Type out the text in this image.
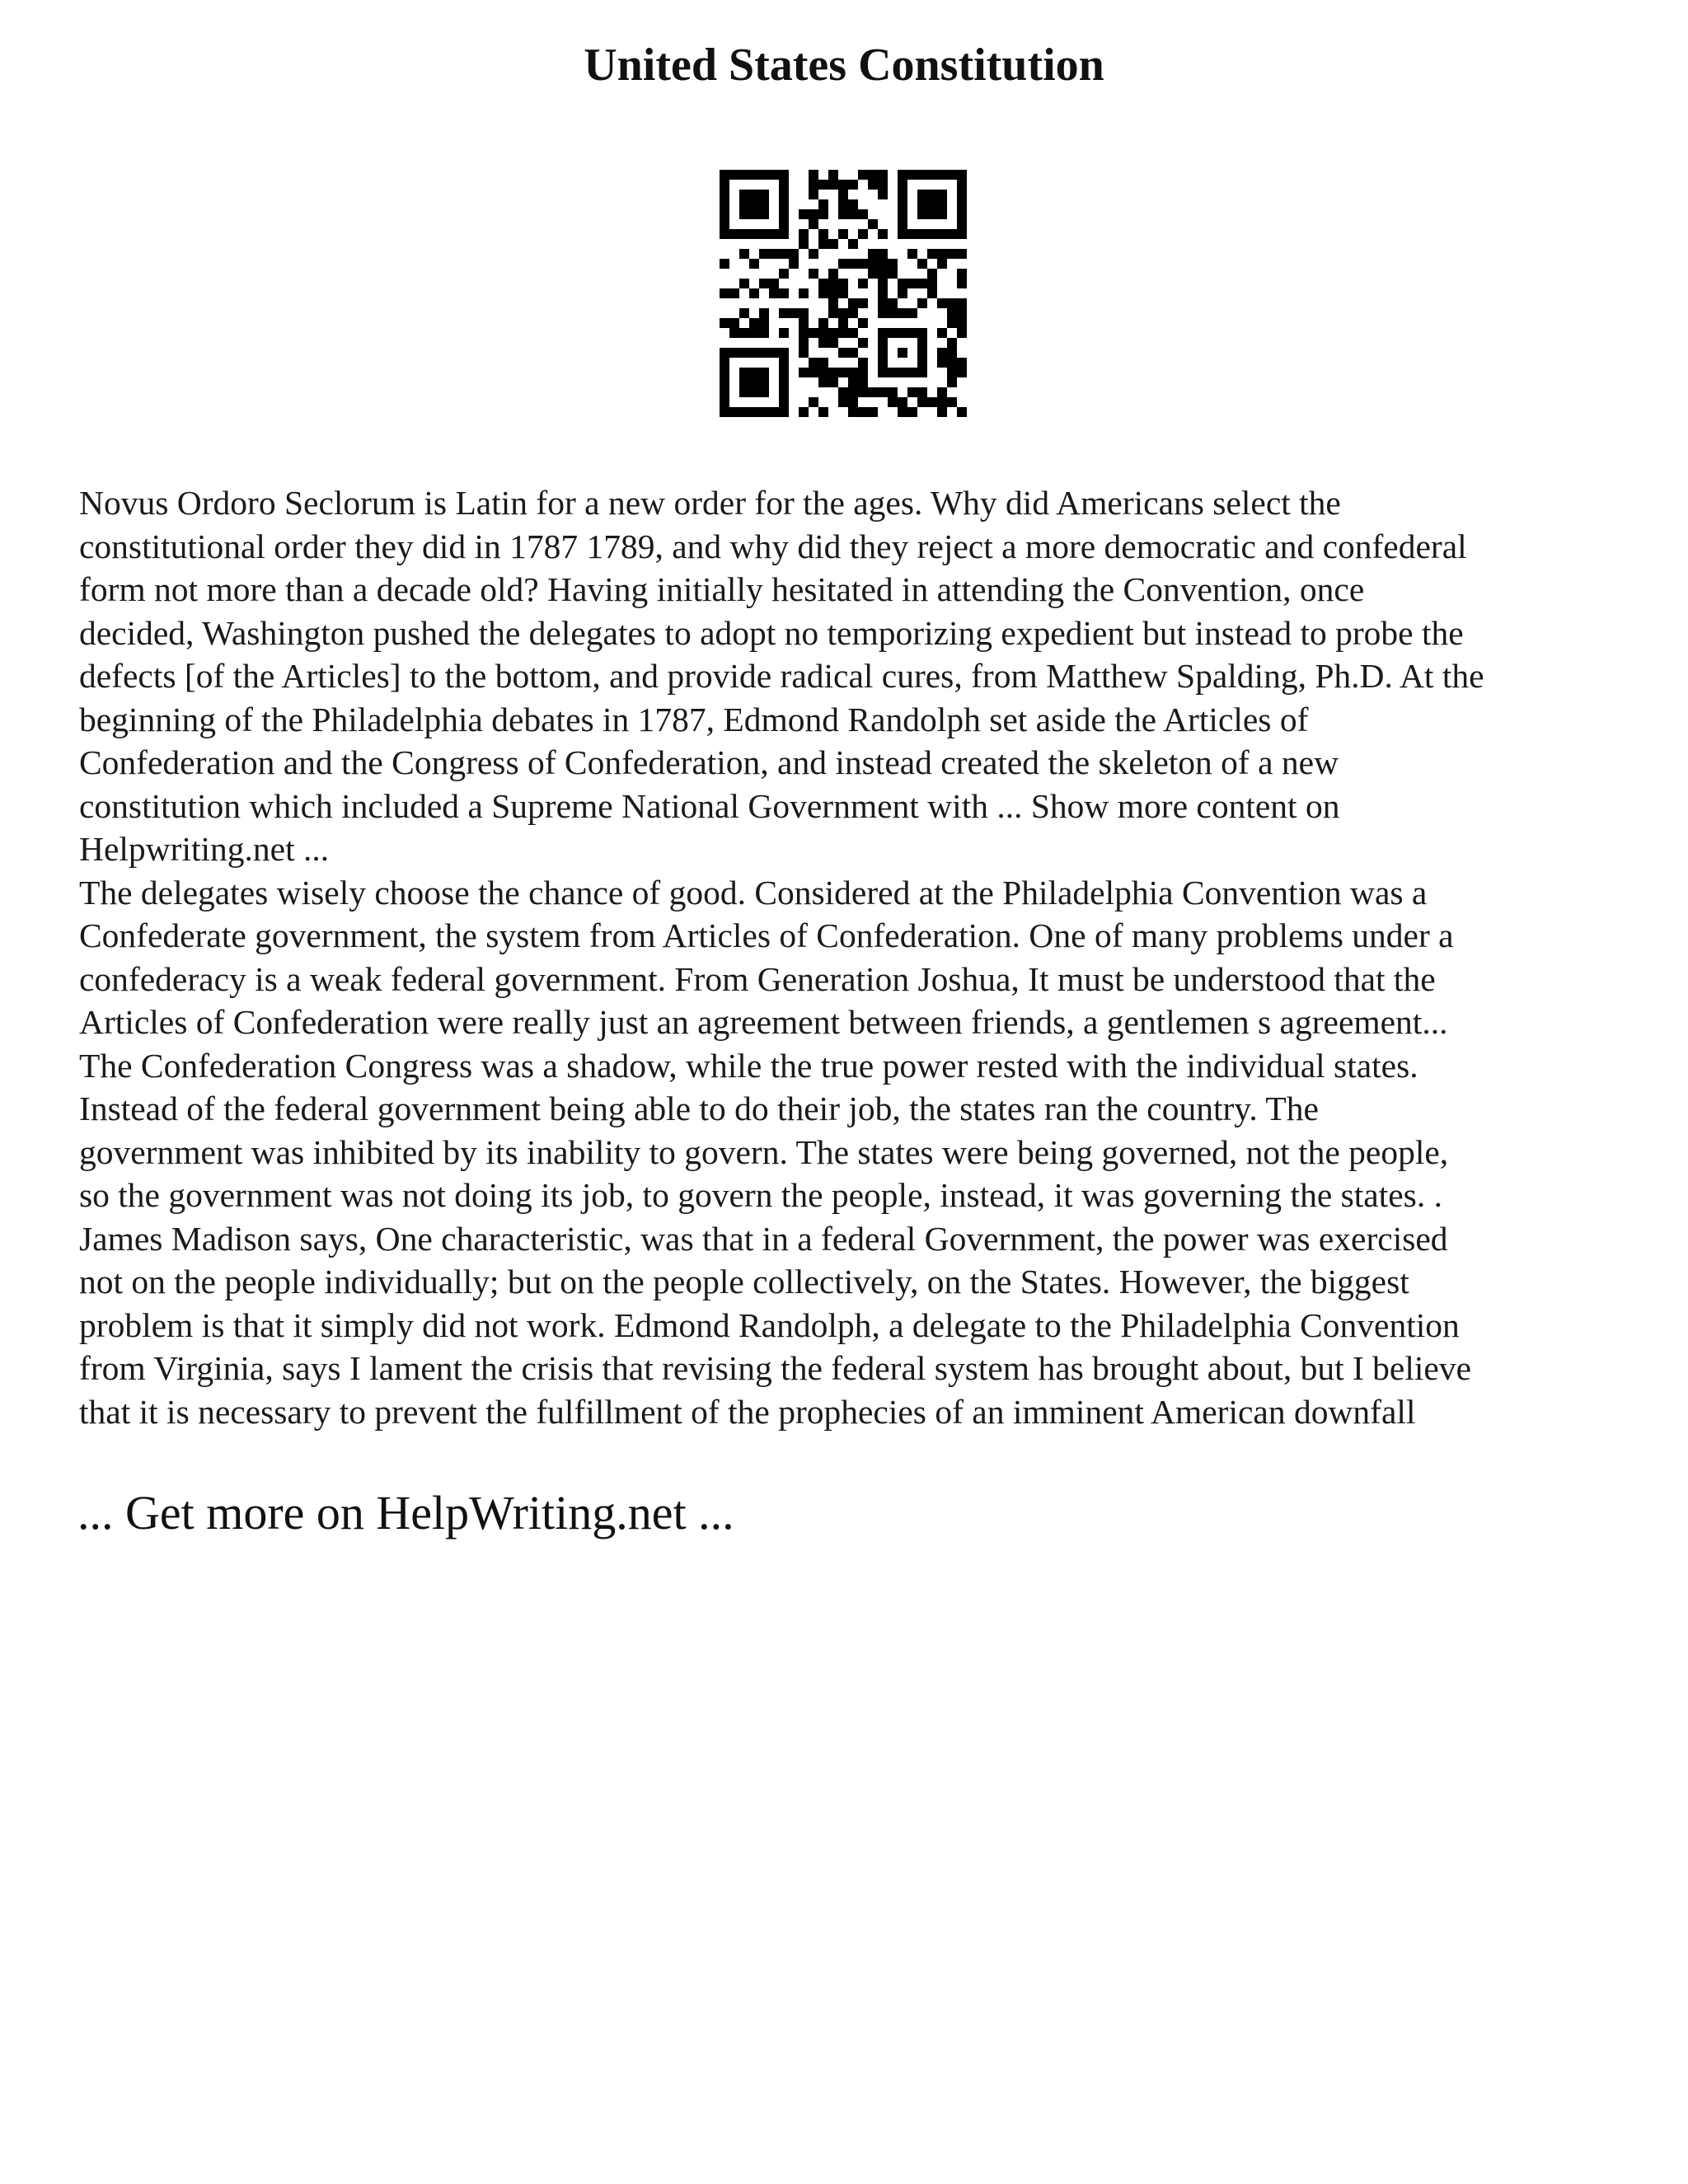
United States Constitution

Novus Ordoro Seclorum is Latin for a new order for the ages. Why did Americans select the
constitutional order they did in 1787 1789, and why did they reject a more democratic and confederal
form not more than a decade old? Having initially hesitated in attending the Convention, once
decided, Washington pushed the delegates to adopt no temporizing expedient but instead to probe the
defects [of the Articles] to the bottom, and provide radical cures, from Matthew Spalding, Ph.D. At the
beginning of the Philadelphia debates in 1787, Edmond Randolph set aside the Articles of
Confederation and the Congress of Confederation, and instead created the skeleton of a new
constitution which included a Supreme National Government with ... Show more content on
Helpwriting.net ...

The delegates wisely choose the chance of good. Considered at the Philadelphia Convention was a
Confederate government, the system from Articles of Confederation. One of many problems under a
confederacy is a weak federal government. From Generation Joshua, It must be understood that the
Articles of Confederation were really just an agreement between friends, a gentlemen s agreement...
The Confederation Congress was a shadow, while the true power rested with the individual states.
Instead of the federal government being able to do their job, the states ran the country. The
government was inhibited by its inability to govern. The states were being governed, not the people,
so the government was not doing its job, to govern the people, instead, it was governing the states. .
James Madison says, One characteristic, was that in a federal Government, the power was exercised
not on the people individually; but on the people collectively, on the States. However, the biggest
problem is that it simply did not work. Edmond Randolph, a delegate to the Philadelphia Convention
from Virginia, says I lament the crisis that revising the federal system has brought about, but I believe
that it is necessary to prevent the fulfillment of the prophecies of an imminent American downfall

... Get more on HelpWriting.net ...
